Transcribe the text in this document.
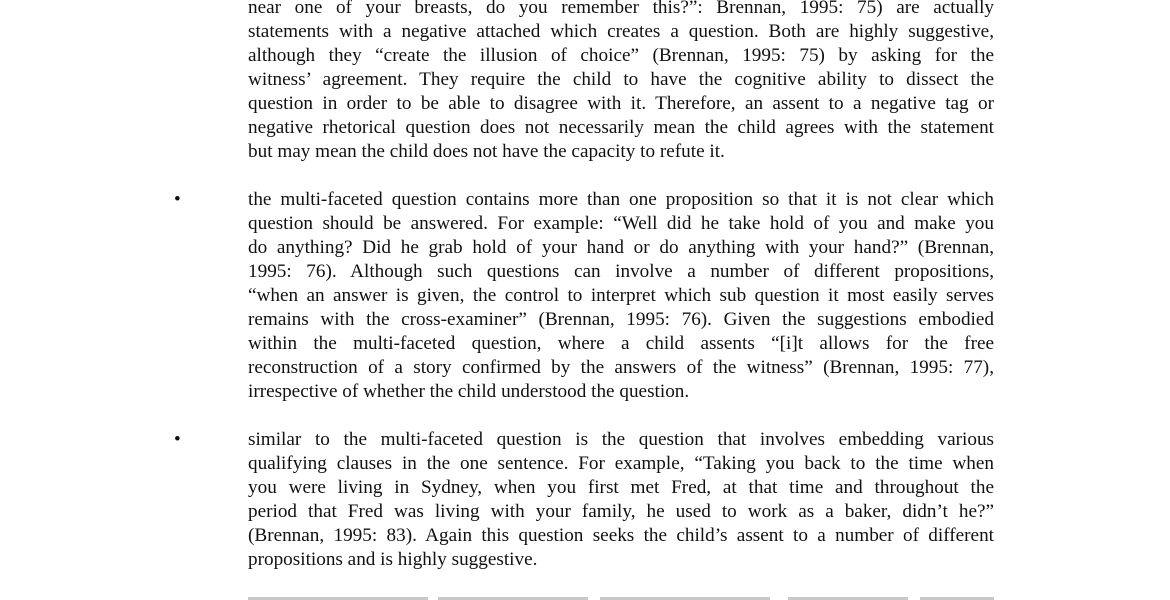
near one of your breasts, do you remember this?”: Brennan, 1995: 75) are actually
statements with a negative attached which creates a question. Both are highly suggestive,
although they “create the illusion of choice” (Brennan, 1995: 75) by asking for the
witness’ agreement. They require the child to have the cognitive ability to dissect the
question in order to be able to disagree with it. Therefore, an assent to a negative tag or
negative rhetorical question does not necessarily mean the child agrees with the statement
but may mean the child does not have the capacity to refute it.
•	the multi-faceted question contains more than one proposition so that it is not clear which
question should be answered. For example: “Well did he take hold of you and make you
do anything? Did he grab hold of your hand or do anything with your hand?” (Brennan,
1995: 76). Although such questions can involve a number of different propositions,
“when an answer is given, the control to interpret which sub question it most easily serves
remains with the cross-examiner” (Brennan, 1995: 76). Given the suggestions embodied
within the multi-faceted question, where a child assents “[i]t allows for the free
reconstruction of a story confirmed by the answers of the witness” (Brennan, 1995: 77),
irrespective of whether the child understood the question.
•	similar to the multi-faceted question is the question that involves embedding various
qualifying clauses in the one sentence. For example, “Taking you back to the time when
you were living in Sydney, when you first met Fred, at that time and throughout the
period that Fred was living with your family, he used to work as a baker, didn’t he?”
(Brennan, 1995: 83). Again this question seeks the child’s assent to a number of different
propositions and is highly suggestive.
